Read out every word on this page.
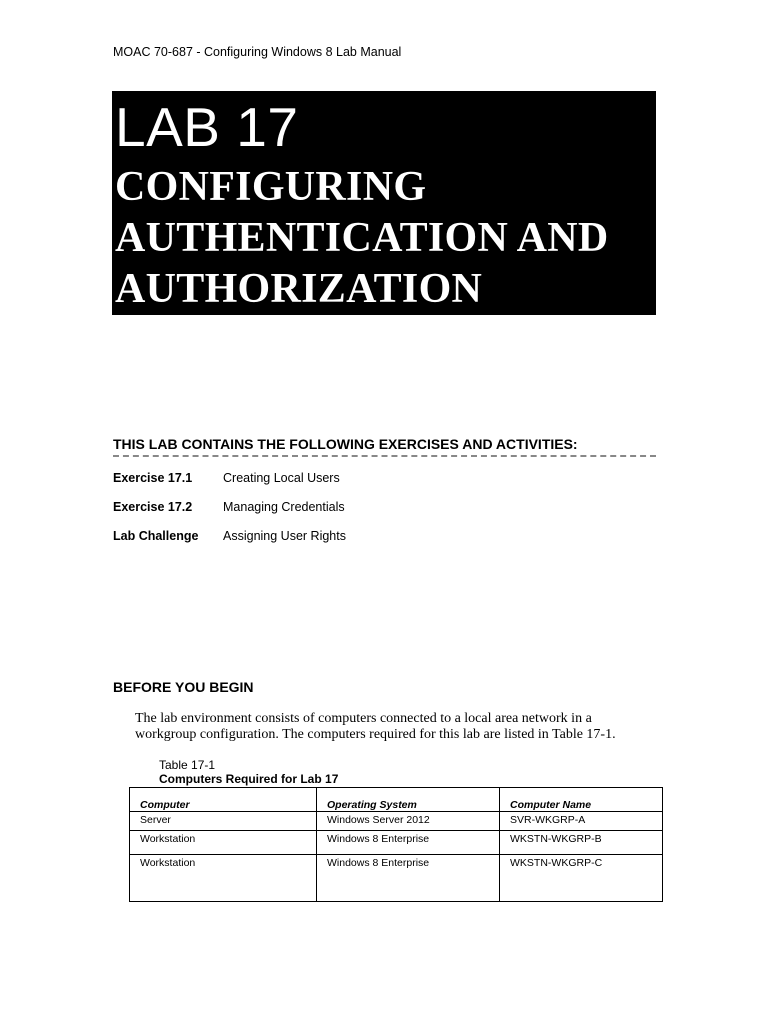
MOAC 70-687 - Configuring Windows 8 Lab Manual
LAB 17
CONFIGURING
AUTHENTICATION AND
AUTHORIZATION
THIS LAB CONTAINS THE FOLLOWING EXERCISES AND ACTIVITIES:
Exercise 17.1 Creating Local Users
Exercise 17.2 Managing Credentials
Lab Challenge Assigning User Rights
BEFORE YOU BEGIN
The lab environment consists of computers connected to a local area network in a
workgroup configuration. The computers required for this lab are listed in Table 17-1.
Table 17-1
Computers Required for Lab 17
Computer	Operating System	Computer Name
Server	Windows Server 2012	SVR-WKGRP-A
Workstation	Windows 8 Enterprise	WKSTN-WKGRP-B
Workstation	Windows 8 Enterprise	WKSTN-WKGRP-C
